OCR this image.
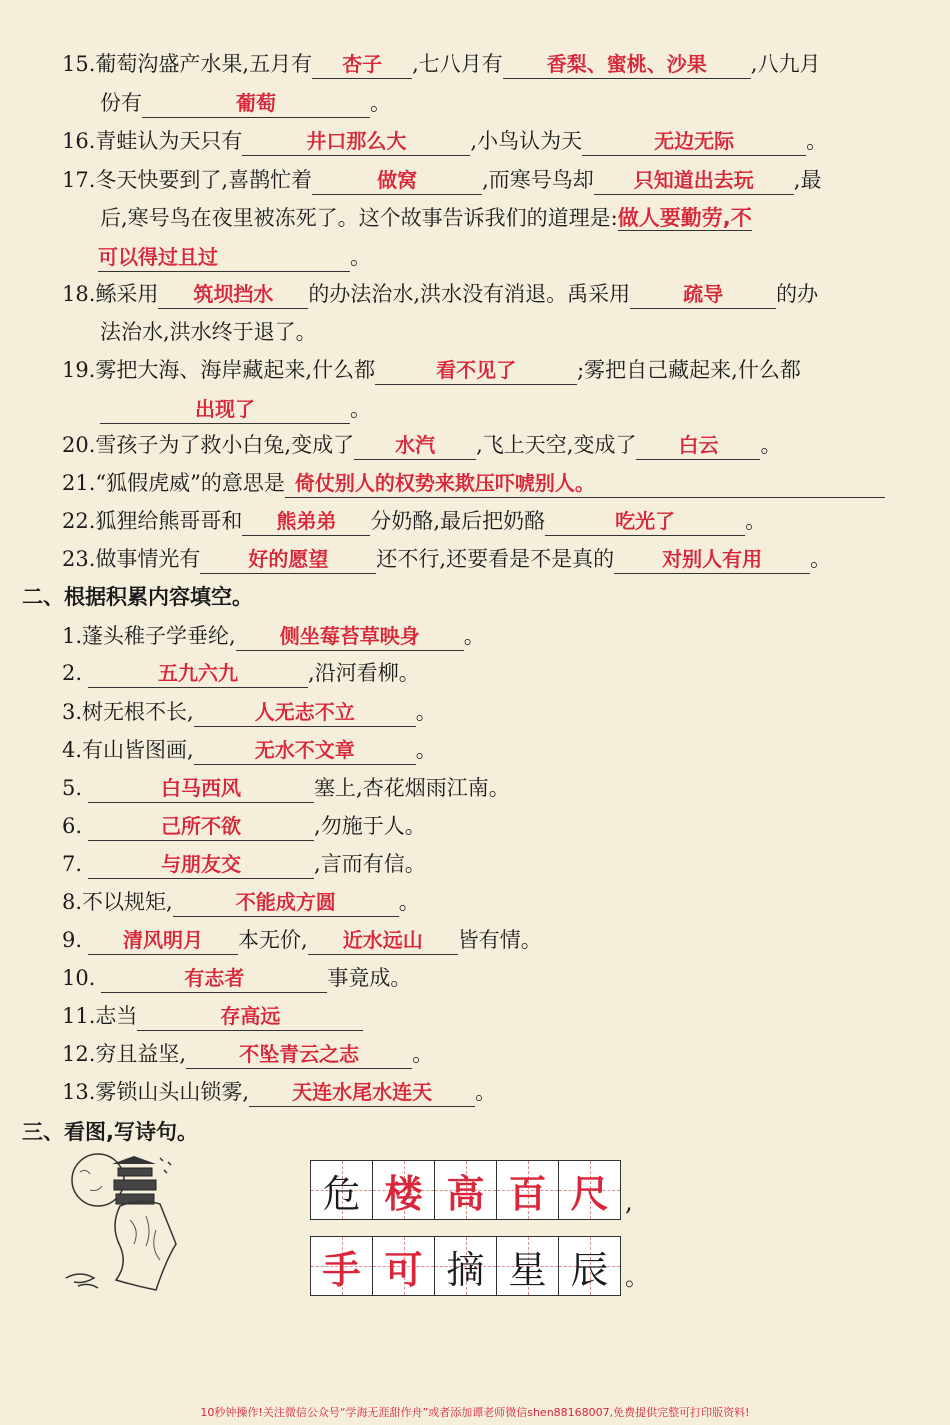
15.葡萄沟盛产水果,五月有 杏子 ,七八月有 香梨、蜜桃、沙果 ,八九月
份有	葡萄	。
16.青蛙认为天只有	井口那么大	,小鸟认为天	无边无际	。
17.冬天快要到了,喜鹊忙着	做窝	,而寒号鸟却 只知道出去玩 ,最
后,寒号鸟在夜里被冻死了。这个故事告诉我们的道理是:做人要勤劳,不
可以得过且过	。
18.鲧采用 筑坝挡水 的办法治水,洪水没有消退。禹采用	疏导	的办
法治水,洪水终于退了。
19.雾把大海、海岸藏起来,什么都	看不见了	;雾把自己藏起来,什么都
出现了	。
20.雪孩子为了救小白兔,变成了 水汽 ,飞上天空,变成了 白云 。
21.“狐假虎威”的意思是 倚仗别人的权势来欺压吓唬别人。
22.狐狸给熊哥哥和 熊弟弟 分奶酪,最后把奶酪	吃光了	。
23.做事情光有 好的愿望 还不行,还要看是不是真的 对别人有用 。
二、根据积累内容填空。
1.蓬头稚子学垂纶, 侧坐莓苔草映身 。
2.	五九六九	,沿河看柳。
3.树无根不长,	人无志不立	。
4.有山皆图画,	无水不文章	。
5.	白马西风	塞上,杏花烟雨江南。
6.	己所不欲	,勿施于人。
7.	与朋友交	,言而有信。
8.不以规矩,	不能成方圆	。
9. 清风明月 本无价, 近水远山 皆有情。
10.	有志者	事竟成。
11.志当	存高远
12.穷且益坚,	不坠青云之志	。
13.雾锁山头山锁雾, 天连水尾水连天 。
三、看图,写诗句。
危 楼 高 百 尺 ,
手 可 摘 星 辰 。
10秒钟操作!关注微信公众号“学海无涯甜作舟”或者添加谭老师微信shen88168007,免费提供完整可打印版资料!
